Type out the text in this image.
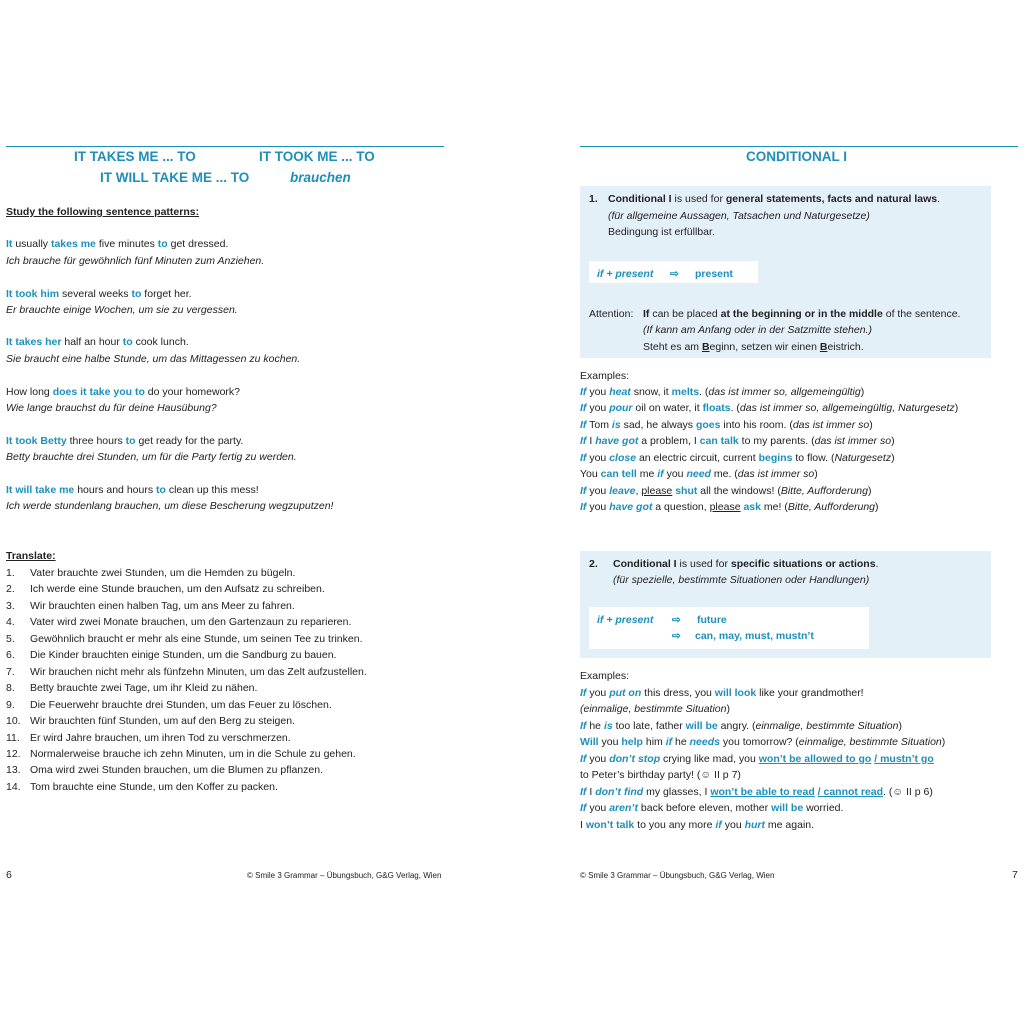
IT TAKES ME ... TO	IT TOOK ME ... TO
IT WILL TAKE ME ... TO	brauchen
Study the following sentence patterns:
It usually takes me five minutes to get dressed.
Ich brauche für gewöhnlich fünf Minuten zum Anziehen.
It took him several weeks to forget her.
Er brauchte einige Wochen, um sie zu vergessen.
It takes her half an hour to cook lunch.
Sie braucht eine halbe Stunde, um das Mittagessen zu kochen.
How long does it take you to do your homework?
Wie lange brauchst du für deine Hausübung?
It took Betty three hours to get ready for the party.
Betty brauchte drei Stunden, um für die Party fertig zu werden.
It will take me hours and hours to clean up this mess!
Ich werde stundenlang brauchen, um diese Bescherung wegzuputzen!
Translate:
1. Vater brauchte zwei Stunden, um die Hemden zu bügeln.
2. Ich werde eine Stunde brauchen, um den Aufsatz zu schreiben.
3. Wir brauchten einen halben Tag, um ans Meer zu fahren.
4. Vater wird zwei Monate brauchen, um den Gartenzaun zu reparieren.
5. Gewöhnlich braucht er mehr als eine Stunde, um seinen Tee zu trinken.
6. Die Kinder brauchten einige Stunden, um die Sandburg zu bauen.
7. Wir brauchen nicht mehr als fünfzehn Minuten, um das Zelt aufzustellen.
8. Betty brauchte zwei Tage, um ihr Kleid zu nähen.
9. Die Feuerwehr brauchte drei Stunden, um das Feuer zu löschen.
10. Wir brauchten fünf Stunden, um auf den Berg zu steigen.
11. Er wird Jahre brauchen, um ihren Tod zu verschmerzen.
12. Normalerweise brauche ich zehn Minuten, um in die Schule zu gehen.
13. Oma wird zwei Stunden brauchen, um die Blumen zu pflanzen.
14. Tom brauchte eine Stunde, um den Koffer zu packen.
6	© Smile 3 Grammar – Übungsbuch, G&G Verlag, Wien
CONDITIONAL I
1. Conditional I is used for general statements, facts and natural laws.
(für allgemeine Aussagen, Tatsachen und Naturgesetze)
Bedingung ist erfüllbar.
if + present ⇨ present
Attention: If can be placed at the beginning or in the middle of the sentence.
(If kann am Anfang oder in der Satzmitte stehen.)
Steht es am Beginn, setzen wir einen Beistrich.
Examples:
If you heat snow, it melts. (das ist immer so, allgemeingültig)
If you pour oil on water, it floats. (das ist immer so, allgemeingültig, Naturgesetz)
If Tom is sad, he always goes into his room. (das ist immer so)
If I have got a problem, I can talk to my parents. (das ist immer so)
If you close an electric circuit, current begins to flow. (Naturgesetz)
You can tell me if you need me. (das ist immer so)
If you leave, please shut all the windows! (Bitte, Aufforderung)
If you have got a question, please ask me! (Bitte, Aufforderung)
2. Conditional I is used for specific situations or actions.
(für spezielle, bestimmte Situationen oder Handlungen)
if + present ⇨ future
⇨ can, may, must, mustn’t
Examples:
If you put on this dress, you will look like your grandmother!
(einmalige, bestimmte Situation)
If he is too late, father will be angry. (einmalige, bestimmte Situation)
Will you help him if he needs you tomorrow? (einmalige, bestimmte Situation)
If you don’t stop crying like mad, you won’t be allowed to go / mustn’t go
to Peter’s birthday party! (☺ II p 7)
If I don’t find my glasses, I won’t be able to read / cannot read. (☺ II p 6)
If you aren’t back before eleven, mother will be worried.
I won’t talk to you any more if you hurt me again.
© Smile 3 Grammar – Übungsbuch, G&G Verlag, Wien	7
